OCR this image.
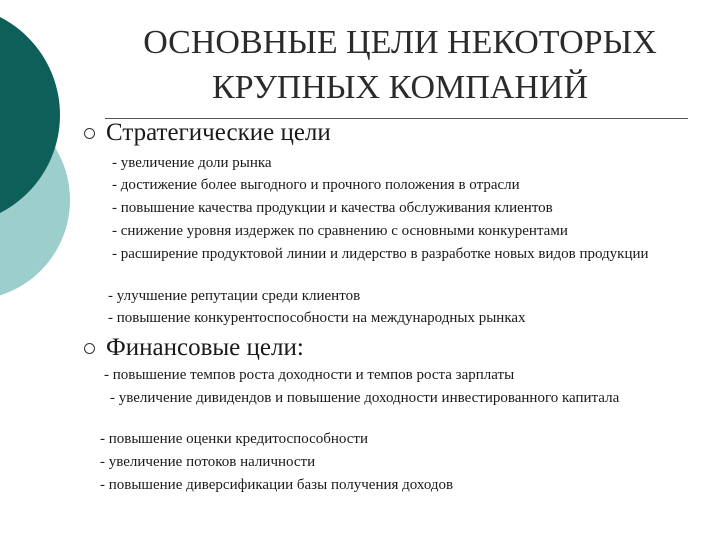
ОСНОВНЫЕ ЦЕЛИ НЕКОТОРЫХ
КРУПНЫХ КОМПАНИЙ
Стратегические цели
- увеличение доли рынка
- достижение более выгодного и прочного положения в отрасли
- повышение качества продукции и качества обслуживания клиентов
- снижение уровня издержек по сравнению с основными конкурентами
- расширение продуктовой линии и лидерство в разработке новых видов продукции
- улучшение репутации среди клиентов
- повышение конкурентоспособности на международных рынках
Финансовые цели:
- повышение темпов роста доходности и темпов роста зарплаты
- увеличение дивидендов и повышение доходности инвестированного капитала
- повышение оценки кредитоспособности
- увеличение потоков наличности
- повышение диверсификации базы получения доходов
